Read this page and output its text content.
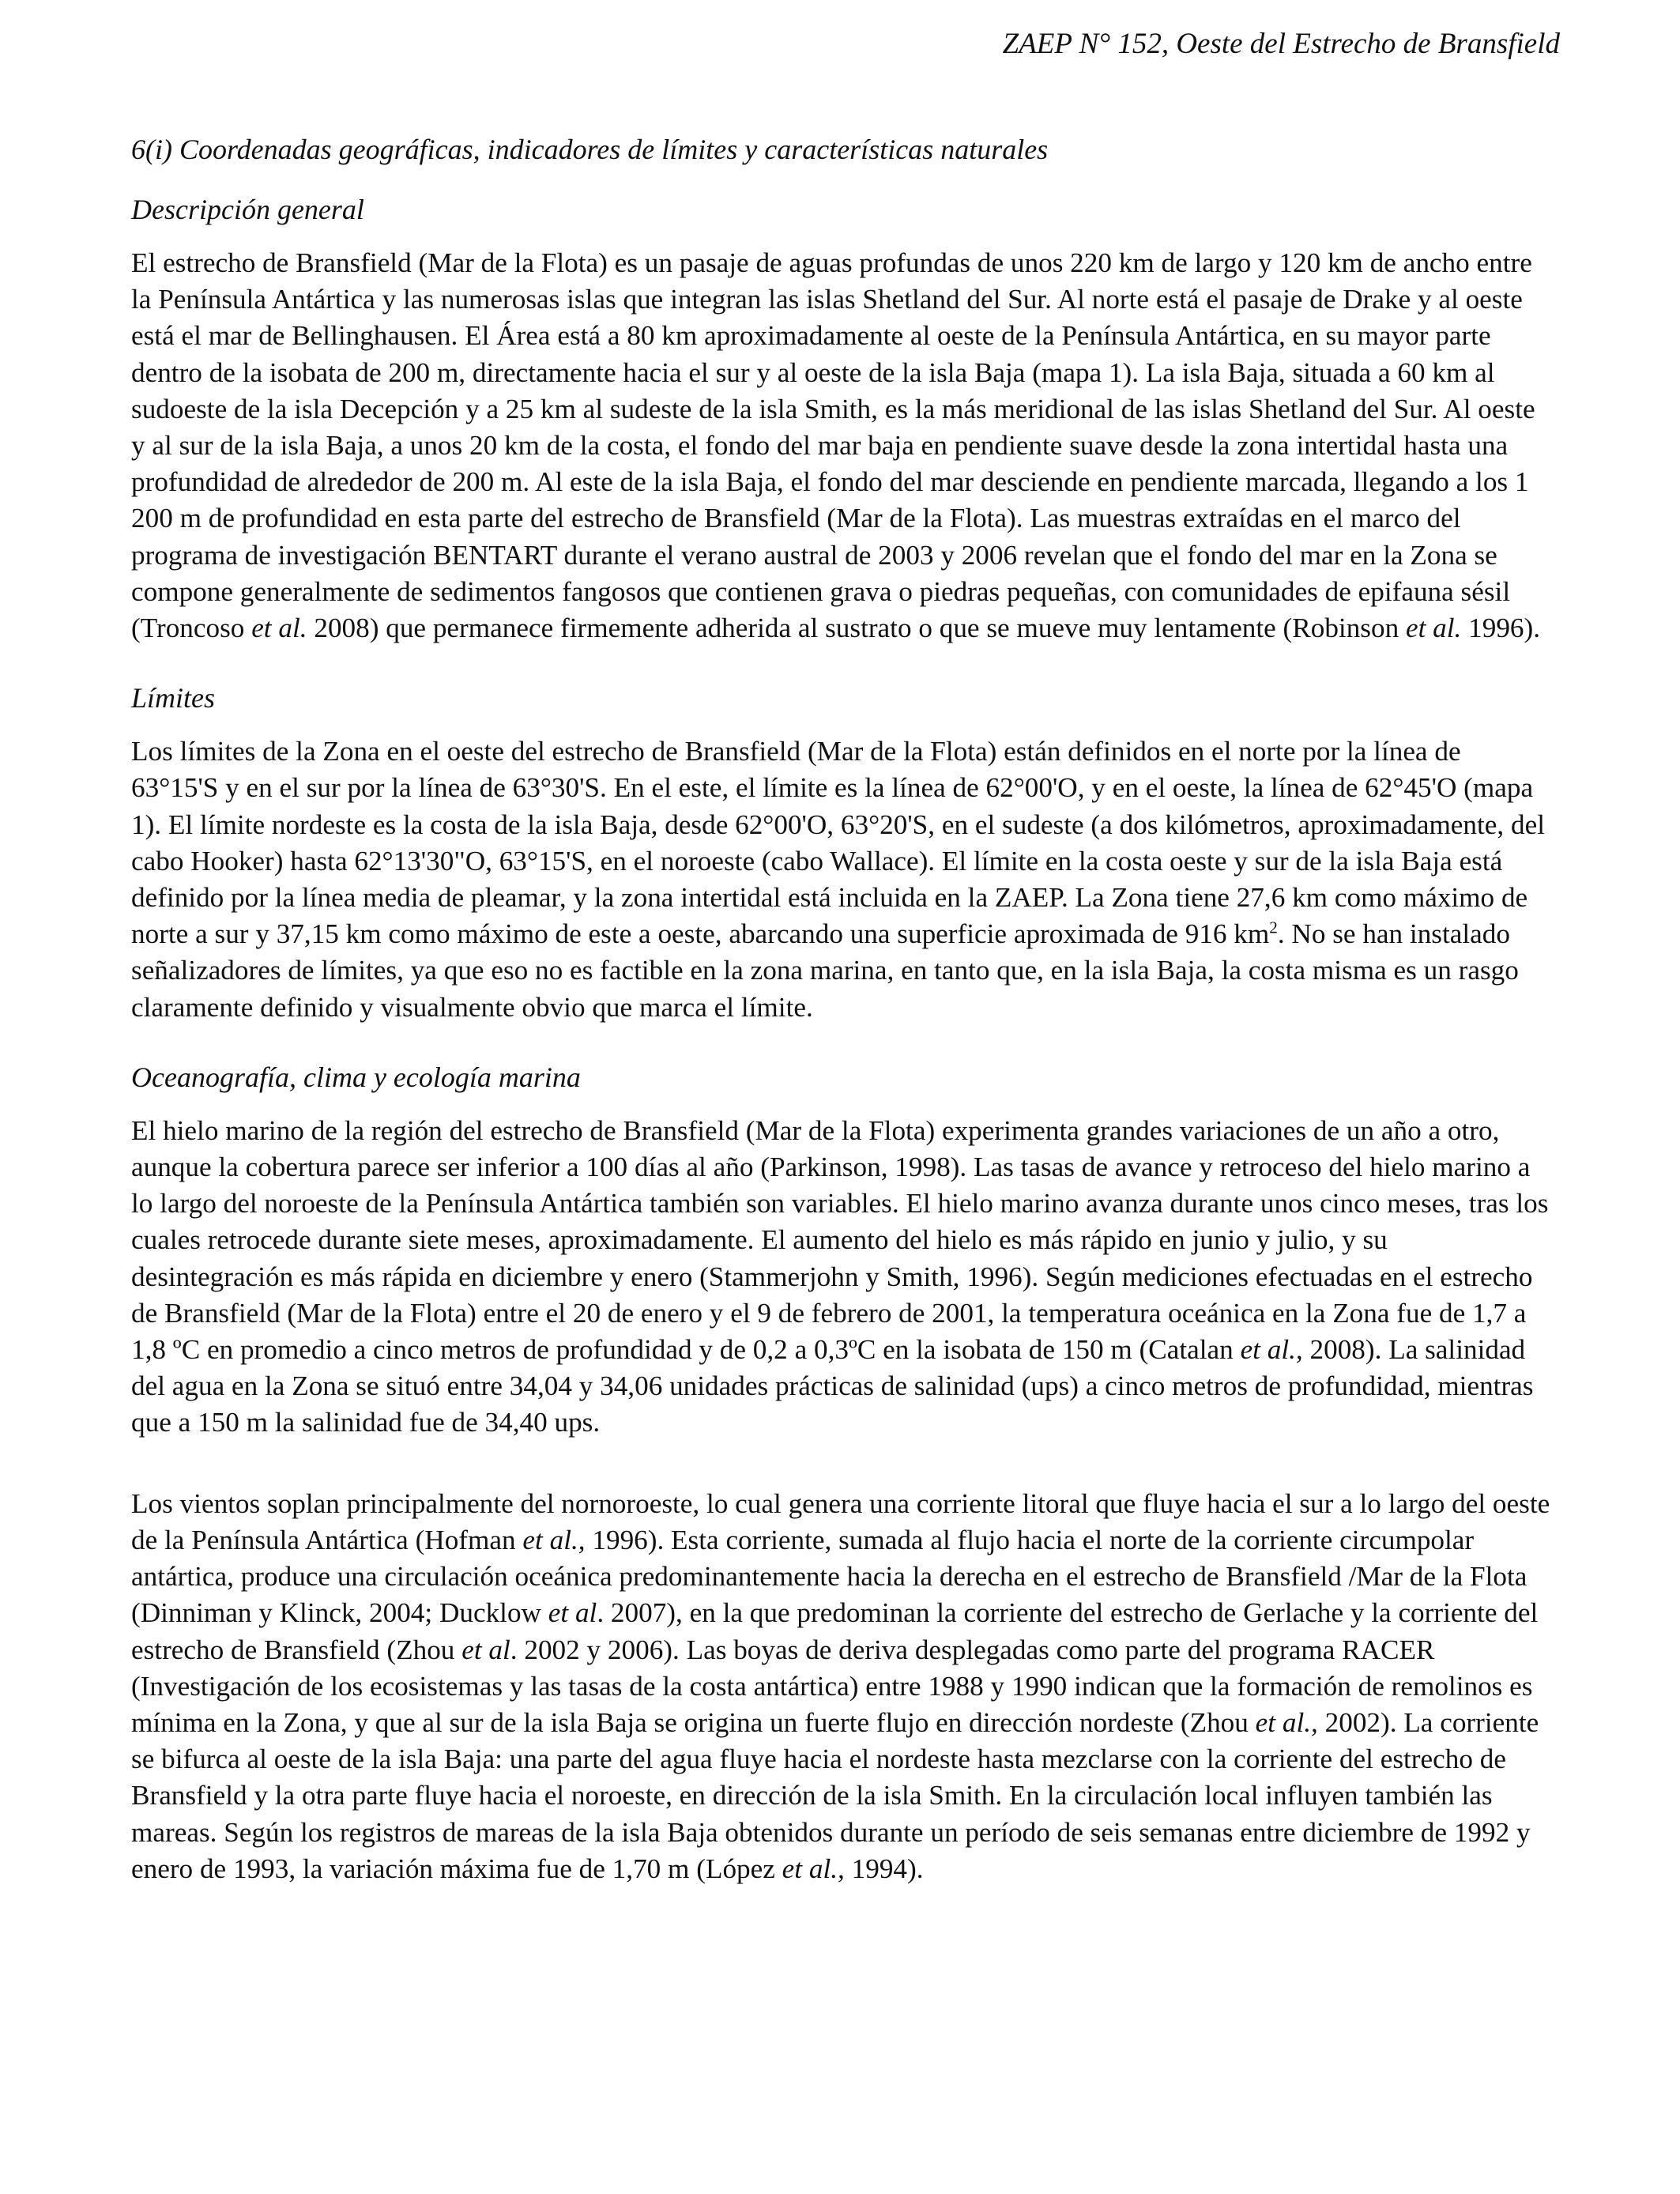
ZAEP N° 152, Oeste del Estrecho de Bransfield
6(i) Coordenadas geográficas, indicadores de límites y características naturales
Descripción general

El estrecho de Bransfield (Mar de la Flota) es un pasaje de aguas profundas de unos 220 km de largo y 120 km de ancho entre la Península Antártica y las numerosas islas que integran las islas Shetland del Sur. Al norte está el pasaje de Drake y al oeste está el mar de Bellinghausen. El Área está a 80 km aproximadamente al oeste de la Península Antártica, en su mayor parte dentro de la isobata de 200 m, directamente hacia el sur y al oeste de la isla Baja (mapa 1). La isla Baja, situada a 60 km al sudoeste de la isla Decepción y a 25 km al sudeste de la isla Smith, es la más meridional de las islas Shetland del Sur. Al oeste y al sur de la isla Baja, a unos 20 km de la costa, el fondo del mar baja en pendiente suave desde la zona intertidal hasta una profundidad de alrededor de 200 m. Al este de la isla Baja, el fondo del mar desciende en pendiente marcada, llegando a los 1 200 m de profundidad en esta parte del estrecho de Bransfield (Mar de la Flota). Las muestras extraídas en el marco del programa de investigación BENTART durante el verano austral de 2003 y 2006 revelan que el fondo del mar en la Zona se compone generalmente de sedimentos fangosos que contienen grava o piedras pequeñas, con comunidades de epifauna sésil (Troncoso et al. 2008) que permanece firmemente adherida al sustrato o que se mueve muy lentamente (Robinson et al. 1996).

Límites

Los límites de la Zona en el oeste del estrecho de Bransfield (Mar de la Flota) están definidos en el norte por la línea de 63°15'S y en el sur por la línea de 63°30'S. En el este, el límite es la línea de 62°00'O, y en el oeste, la línea de 62°45'O (mapa 1). El límite nordeste es la costa de la isla Baja, desde 62°00'O, 63°20'S, en el sudeste (a dos kilómetros, aproximadamente, del cabo Hooker) hasta 62°13'30"O, 63°15'S, en el noroeste (cabo Wallace). El límite en la costa oeste y sur de la isla Baja está definido por la línea media de pleamar, y la zona intertidal está incluida en la ZAEP. La Zona tiene 27,6 km como máximo de norte a sur y 37,15 km como máximo de este a oeste, abarcando una superficie aproximada de 916 $km^2$. No se han instalado señalizadores de límites, ya que eso no es factible en la zona marina, en tanto que, en la isla Baja, la costa misma es un rasgo claramente definido y visualmente obvio que marca el límite.

Oceanografía, clima y ecología marina

El hielo marino de la región del estrecho de Bransfield (Mar de la Flota) experimenta grandes variaciones de un año a otro, aunque la cobertura parece ser inferior a 100 días al año (Parkinson, 1998). Las tasas de avance y retroceso del hielo marino a lo largo del noroeste de la Península Antártica también son variables. El hielo marino avanza durante unos cinco meses, tras los cuales retrocede durante siete meses, aproximadamente. El aumento del hielo es más rápido en junio y julio, y su desintegración es más rápida en diciembre y enero (Stammerjohn y Smith, 1996). Según mediciones efectuadas en el estrecho de Bransfield (Mar de la Flota) entre el 20 de enero y el 9 de febrero de 2001, la temperatura oceánica en la Zona fue de 1,7 a 1,8 ºC en promedio a cinco metros de profundidad y de 0,2 a 0,3ºC en la isobata de 150 m (Catalan et al., 2008). La salinidad del agua en la Zona se situó entre 34,04 y 34,06 unidades prácticas de salinidad (ups) a cinco metros de profundidad, mientras que a 150 m la salinidad fue de 34,40 ups.

Los vientos soplan principalmente del nornoroeste, lo cual genera una corriente litoral que fluye hacia el sur a lo largo del oeste de la Península Antártica (Hofman et al., 1996). Esta corriente, sumada al flujo hacia el norte de la corriente circumpolar antártica, produce una circulación oceánica predominantemente hacia la derecha en el estrecho de Bransfield /Mar de la Flota (Dinniman y Klinck, 2004; Ducklow et al. 2007), en la que predominan la corriente del estrecho de Gerlache y la corriente del estrecho de Bransfield (Zhou et al. 2002 y 2006). Las boyas de deriva desplegadas como parte del programa RACER (Investigación de los ecosistemas y las tasas de la costa antártica) entre 1988 y 1990 indican que la formación de remolinos es mínima en la Zona, y que al sur de la isla Baja se origina un fuerte flujo en dirección nordeste (Zhou et al., 2002). La corriente se bifurca al oeste de la isla Baja: una parte del agua fluye hacia el nordeste hasta mezclarse con la corriente del estrecho de Bransfield y la otra parte fluye hacia el noroeste, en dirección de la isla Smith. En la circulación local influyen también las mareas. Según los registros de mareas de la isla Baja obtenidos durante un período de seis semanas entre diciembre de 1992 y enero de 1993, la variación máxima fue de 1,70 m (López et al., 1994).
